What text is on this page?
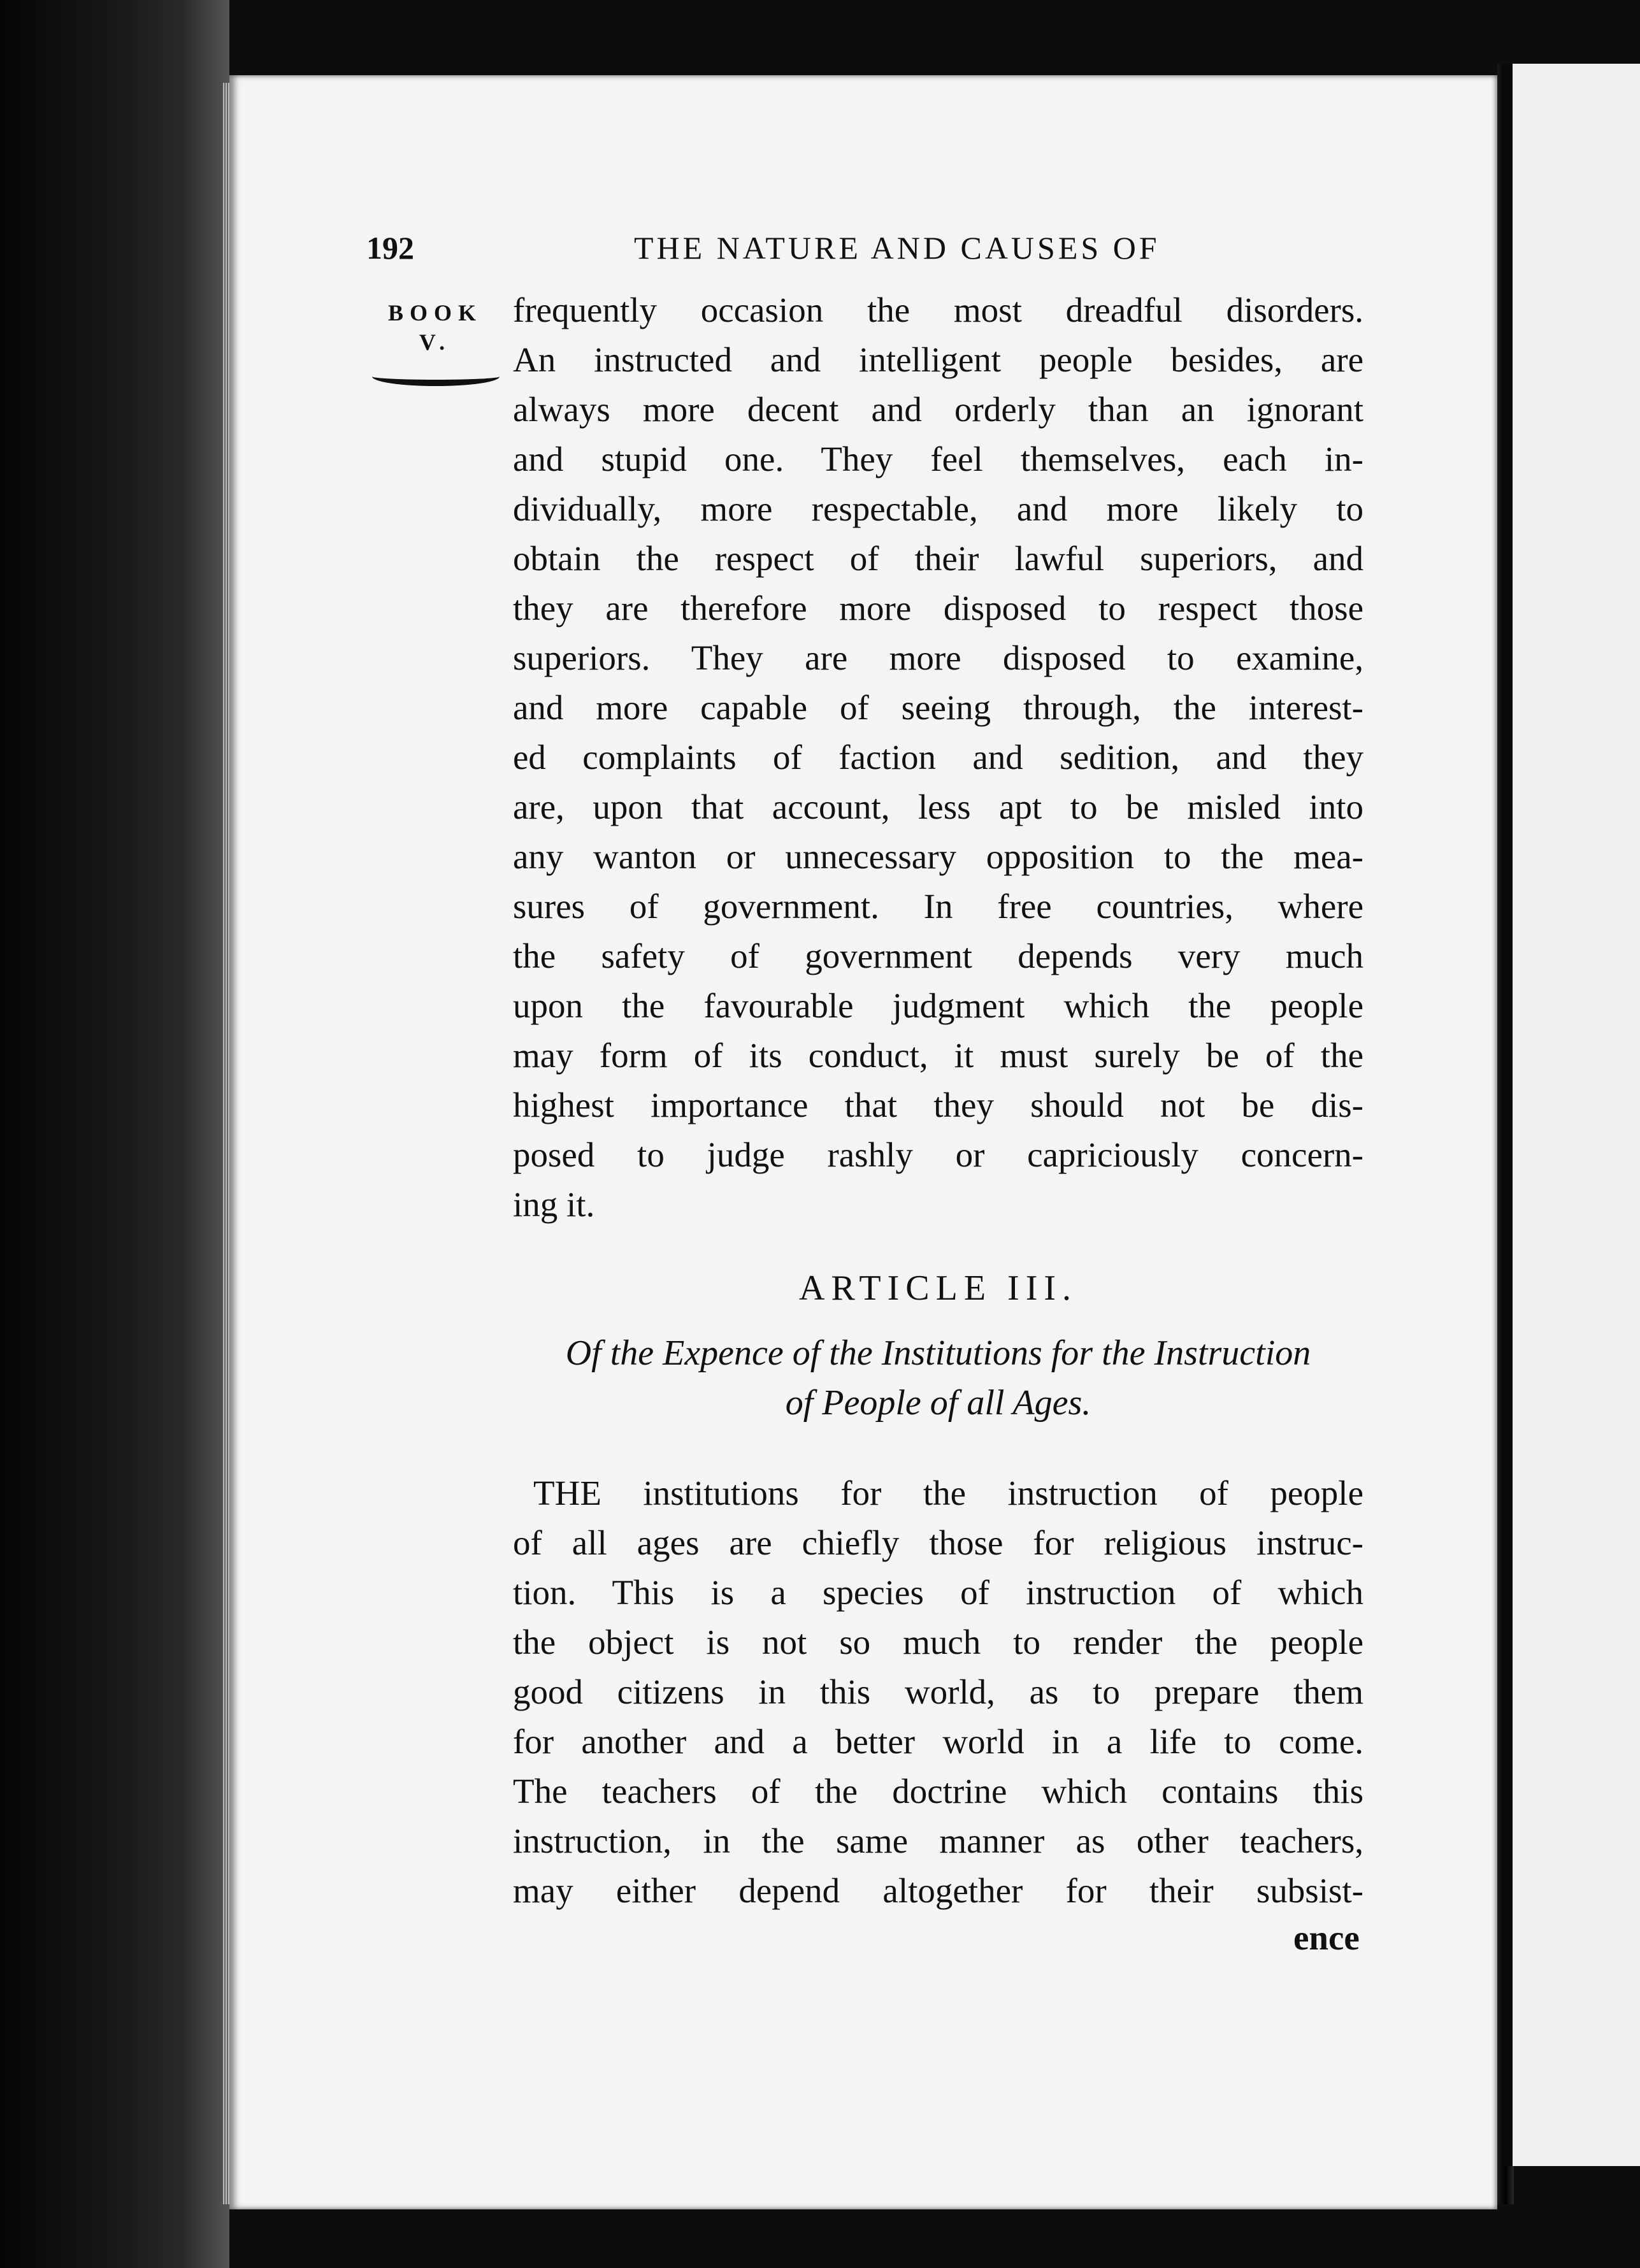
192	THE NATURE AND CAUSES OF
BOOK
V.
frequently occasion the most dreadful disorders.
An instructed and intelligent people besides, are
always more decent and orderly than an ignorant
and stupid one. They feel themselves, each in-
dividually, more respectable, and more likely to
obtain the respect of their lawful superiors, and
they are therefore more disposed to respect those
superiors. They are more disposed to examine,
and more capable of seeing through, the interest-
ed complaints of faction and sedition, and they
are, upon that account, less apt to be misled into
any wanton or unnecessary opposition to the mea-
sures of government. In free countries, where
the safety of government depends very much
upon the favourable judgment which the people
may form of its conduct, it must surely be of the
highest importance that they should not be dis-
posed to judge rashly or capriciously concern-
ing it.
ARTICLE III.
Of the Expence of the Institutions for the Instruction
of People of all Ages.
THE institutions for the instruction of people
of all ages are chiefly those for religious instruc-
tion. This is a species of instruction of which
the object is not so much to render the people
good citizens in this world, as to prepare them
for another and a better world in a life to come.
The teachers of the doctrine which contains this
instruction, in the same manner as other teachers,
may either depend altogether for their subsist-
ence
